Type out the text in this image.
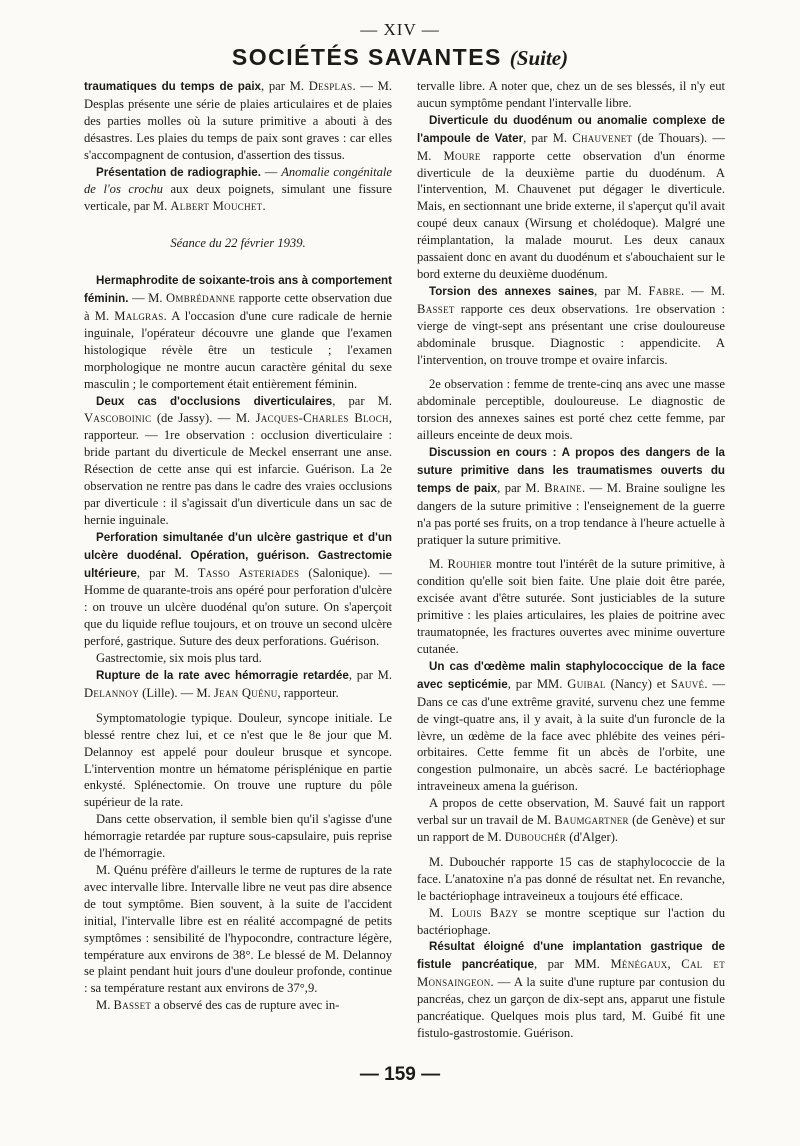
— XIV —
SOCIÉTÉS SAVANTES (Suite)

traumatiques du temps de paix, par M. Desplas. — M. Desplas présente une série de plaies articulaires et de plaies des parties molles où la suture primitive a abouti à des désastres. Les plaies du temps de paix sont graves : car elles s'accompagnent de contusion, d'assertion des tissus.

Présentation de radiographie. — Anomalie congénitale de l'os crochu aux deux poignets, simulant une fissure verticale, par M. Albert Mouchet.

Séance du 22 février 1939.

Hermaphrodite de soixante-trois ans à comportement féminin. — M. Ombrédanne rapporte cette observation due à M. Malgras. A l'occasion d'une cure radicale de hernie inguinale, l'opérateur découvre une glande que l'examen histologique révèle être un testicule ; l'examen morphologique ne montre aucun caractère génital du sexe masculin ; le comportement était entièrement féminin.

Deux cas d'occlusions diverticulaires, par M. Vascoboinic (de Jassy). — M. Jacques-Charles Bloch, rapporteur. — 1re observation : occlusion diverticulaire : bride partant du diverticule de Meckel enserrant une anse. Résection de cette anse qui est infarcie. Guérison. La 2e observation ne rentre pas dans le cadre des vraies occlusions par diverticule : il s'agissait d'un diverticule dans un sac de hernie inguinale.

Perforation simultanée d'un ulcère gastrique et d'un ulcère duodénal. Opération, guérison. Gastrectomie ultérieure, par M. Tasso Asteriades (Salonique). — Homme de quarante-trois ans opéré pour perforation d'ulcère : on trouve un ulcère duodénal qu'on suture. On s'aperçoit que du liquide reflue toujours, et on trouve un second ulcère perforé, gastrique. Suture des deux perforations. Guérison.

Gastrectomie, six mois plus tard.

Rupture de la rate avec hémorragie retardée, par M. Delannoy (Lille). — M. Jean Quénu, rapporteur.

Symptomatologie typique. Douleur, syncope initiale. Le blessé rentre chez lui, et ce n'est que le 8e jour que M. Delannoy est appelé pour douleur brusque et syncope. L'intervention montre un hématome périsplénique en partie enkysté. Splénectomie. On trouve une rupture du pôle supérieur de la rate.

Dans cette observation, il semble bien qu'il s'agisse d'une hémorragie retardée par rupture sous-capsulaire, puis reprise de l'hémorragie.

M. Quénu préfère d'ailleurs le terme de ruptures de la rate avec intervalle libre. Intervalle libre ne veut pas dire absence de tout symptôme. Bien souvent, à la suite de l'accident initial, l'intervalle libre est en réalité accompagné de petits symptômes : sensibilité de l'hypocondre, contracture légère, température aux environs de 38°. Le blessé de M. Delannoy se plaint pendant huit jours d'une douleur profonde, continue : sa température restant aux environs de 37°,9.

M. Basset a observé des cas de rupture avec in-

tervalle libre. A noter que, chez un de ses blessés, il n'y eut aucun symptôme pendant l'intervalle libre.

Diverticule du duodénum ou anomalie complexe de l'ampoule de Vater, par M. Chauvenet (de Thouars). — M. Moure rapporte cette observation d'un énorme diverticule de la deuxième partie du duodénum. A l'intervention, M. Chauvenet put dégager le diverticule. Mais, en sectionnant une bride externe, il s'aperçut qu'il avait coupé deux canaux (Wirsung et cholédoque). Malgré une réimplantation, la malade mourut. Les deux canaux passaient donc en avant du duodénum et s'abouchaient sur le bord externe du deuxième duodénum.

Torsion des annexes saines, par M. Fabre. — M. Basset rapporte ces deux observations. 1re observation : vierge de vingt-sept ans présentant une crise douloureuse abdominale brusque. Diagnostic : appendicite. A l'intervention, on trouve trompe et ovaire infarcis.

2e observation : femme de trente-cinq ans avec une masse abdominale perceptible, douloureuse. Le diagnostic de torsion des annexes saines est porté chez cette femme, par ailleurs enceinte de deux mois.

Discussion en cours : A propos des dangers de la suture primitive dans les traumatismes ouverts du temps de paix, par M. Braine. — M. Braine souligne les dangers de la suture primitive : l'enseignement de la guerre n'a pas porté ses fruits, on a trop tendance à l'heure actuelle à pratiquer la suture primitive.

M. Rouhier montre tout l'intérêt de la suture primitive, à condition qu'elle soit bien faite. Une plaie doit être parée, excisée avant d'être suturée. Sont justiciables de la suture primitive : les plaies articulaires, les plaies de poitrine avec traumatopnée, les fractures ouvertes avec minime ouverture cutanée.

Un cas d'œdème malin staphylococcique de la face avec septicémie, par MM. Guibal (Nancy) et Sauvé. — Dans ce cas d'une extrême gravité, survenu chez une femme de vingt-quatre ans, il y avait, à la suite d'un furoncle de la lèvre, un œdème de la face avec phlébite des veines péri-orbitaires. Cette femme fit un abcès de l'orbite, une congestion pulmonaire, un abcès sacré. Le bactériophage intraveineux amena la guérison.

A propos de cette observation, M. Sauvé fait un rapport verbal sur un travail de M. Baumgartner (de Genève) et sur un rapport de M. Dubouchér (d'Alger).

M. Dubouchér rapporte 15 cas de staphylococcie de la face. L'anatoxine n'a pas donné de résultat net. En revanche, le bactériophage intraveineux a toujours été efficace.

M. Louis Bazy se montre sceptique sur l'action du bactériophage.

Résultat éloigné d'une implantation gastrique de fistule pancréatique, par MM. Ménégaux, Cal et Monsaingeon. — A la suite d'une rupture par contusion du pancréas, chez un garçon de dix-sept ans, apparut une fistule pancréatique. Quelques mois plus tard, M. Guibé fit une fistulo-gastrostomie. Guérison.

— 159 —
